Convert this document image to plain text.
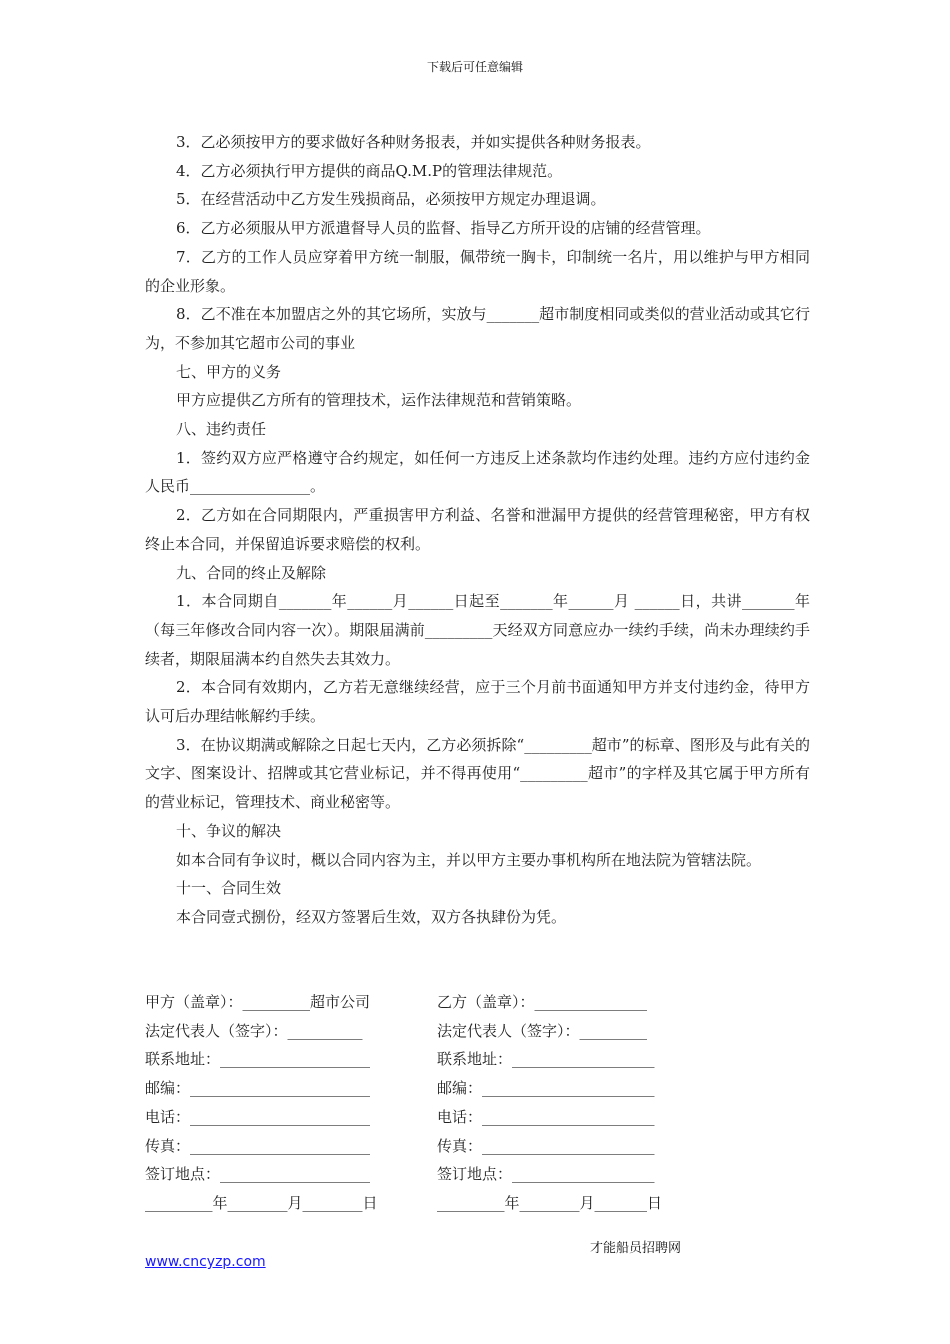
下载后可任意编辑

3．乙必须按甲方的要求做好各种财务报表，并如实提供各种财务报表。

4．乙方必须执行甲方提供的商品Q.M.P的管理法律规范。

5．在经营活动中乙方发生残损商品，必须按甲方规定办理退调。

6．乙方必须服从甲方派遣督导人员的监督、指导乙方所开设的店铺的经营管理。

7．乙方的工作人员应穿着甲方统一制服，佩带统一胸卡，印制统一名片，用以维护与甲方相同的企业形象。

8．乙不准在本加盟店之外的其它场所，实放与_______超市制度相同或类似的营业活动或其它行为，不参加其它超市公司的事业

七、甲方的义务

甲方应提供乙方所有的管理技术，运作法律规范和营销策略。

八、违约责任

1．签约双方应严格遵守合约规定，如任何一方违反上述条款均作违约处理。违约方应付违约金人民币________________。

2．乙方如在合同期限内，严重损害甲方利益、名誉和泄漏甲方提供的经营管理秘密，甲方有权终止本合同，并保留追诉要求赔偿的权利。

九、合同的终止及解除

1．本合同期自_______年______月______日起至_______年______月 ______日，共讲_______年（每三年修改合同内容一次）。期限届满前_________天经双方同意应办一续约手续，尚未办理续约手续者，期限届满本约自然失去其效力。

2．本合同有效期内，乙方若无意继续经营，应于三个月前书面通知甲方并支付违约金，待甲方认可后办理结帐解约手续。

3．在协议期满或解除之日起七天内，乙方必须拆除“_________超市”的标章、图形及与此有关的文字、图案设计、招牌或其它营业标记，并不得再使用“_________超市”的字样及其它属于甲方所有的营业标记，管理技术、商业秘密等。

十、争议的解决

如本合同有争议时，概以合同内容为主，并以甲方主要办事机构所在地法院为管辖法院。

十一、合同生效

本合同壹式捌份，经双方签署后生效，双方各执肆份为凭。

甲方（盖章）：_________超市公司	乙方（盖章）：_______________
法定代表人（签字）：__________	法定代表人（签字）：_________
联系地址：____________________	联系地址：___________________
邮编：________________________	邮编：_______________________
电话：________________________	电话：_______________________
传真：________________________	传真：_______________________
签订地点：____________________	签订地点：___________________
_________年________月________日	_________年________月_______日
才能船员招聘网
www.cncyzp.com
